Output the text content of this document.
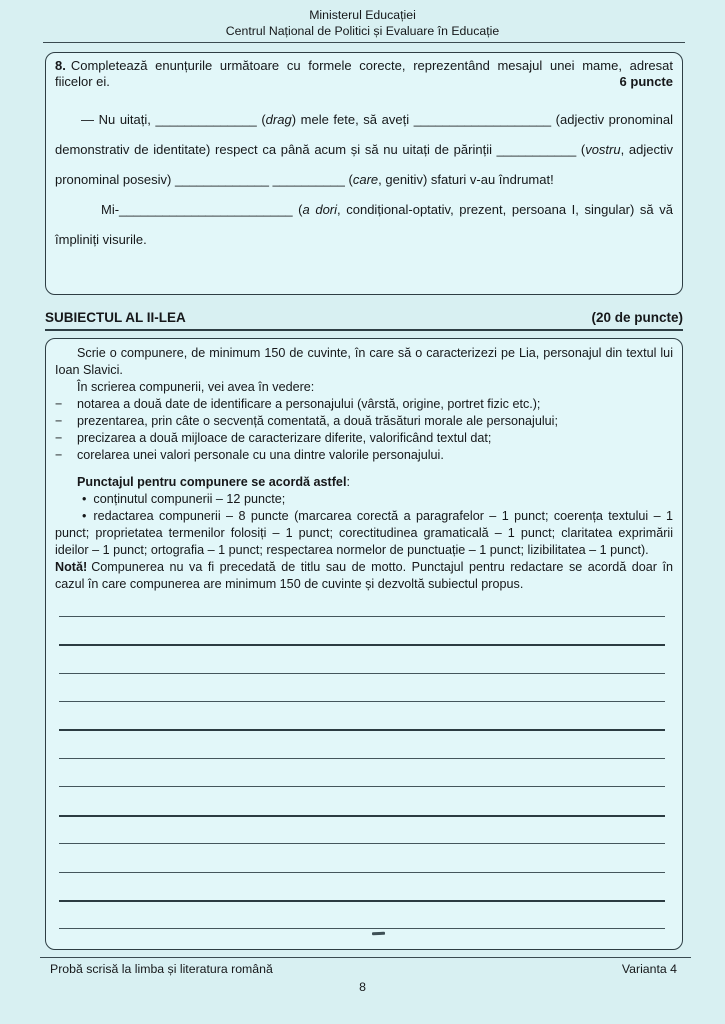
Ministerul Educației
Centrul Național de Politici și Evaluare în Educație

6 puncte
8. Completează enunțurile următoare cu formele corecte, reprezentând mesajul unei mame, adresat fiicelor ei.

— Nu uitați, ______________ (drag) mele fete, să aveți ___________________ (adjectiv pronominal demonstrativ de identitate) respect ca până acum și să nu uitați de părinții ___________ (vostru, adjectiv pronominal posesiv) _____________ __________ (care, genitiv) sfaturi v-au îndrumat!

Mi-________________________ (a dori, condițional-optativ, prezent, persoana I, singular) să vă împliniți visurile.

SUBIECTUL AL II-LEA	(20 de puncte)

Scrie o compunere, de minimum 150 de cuvinte, în care să o caracterizezi pe Lia, personajul din textul lui Ioan Slavici.

În scrierea compunerii, vei avea în vedere:

− notarea a două date de identificare a personajului (vârstă, origine, portret fizic etc.);
− prezentarea, prin câte o secvență comentată, a două trăsături morale ale personajului;
− precizarea a două mijloace de caracterizare diferite, valorificând textul dat;
− corelarea unei valori personale cu una dintre valorile personajului.

Punctajul pentru compunere se acordă astfel:

• conținutul compunerii – 12 puncte;

• redactarea compunerii – 8 puncte (marcarea corectă a paragrafelor – 1 punct; coerența textului – 1 punct; proprietatea termenilor folosiți – 1 punct; corectitudinea gramaticală – 1 punct; claritatea exprimării ideilor – 1 punct; ortografia – 1 punct; respectarea normelor de punctuație – 1 punct; lizibilitatea – 1 punct).

Notă! Compunerea nu va fi precedată de titlu sau de motto. Punctajul pentru redactare se acordă doar în cazul în care compunerea are minimum 150 de cuvinte și dezvoltă subiectul propus.

Probă scrisă la limba și literatura română	Varianta 4
8
